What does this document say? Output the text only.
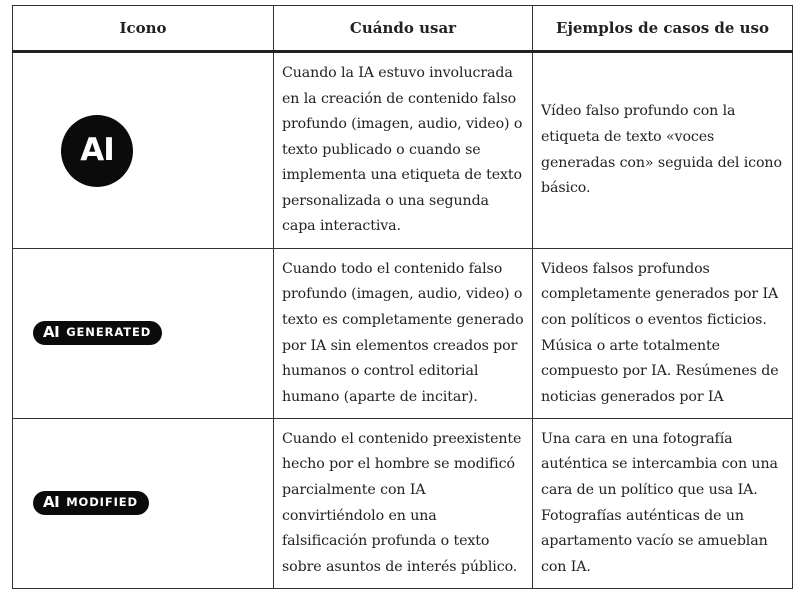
Icono	Cuándo usar	Ejemplos de casos de uso

AI	Cuando la IA estuvo involucrada en la creación de contenido falso profundo (imagen, audio, video) o texto publicado o cuando se implementa una etiqueta de texto personalizada o una segunda capa interactiva.	Vídeo falso profundo con la etiqueta de texto «voces generadas con» seguida del icono básico.

AI GENERATED	Cuando todo el contenido falso profundo (imagen, audio, video) o texto es completamente generado por IA sin elementos creados por humanos o control editorial humano (aparte de incitar).	Videos falsos profundos completamente generados por IA con políticos o eventos ficticios. Música o arte totalmente compuesto por IA. Resúmenes de noticias generados por IA

AI MODIFIED	Cuando el contenido preexistente hecho por el hombre se modificó parcialmente con IA convirtiéndolo en una falsificación profunda o texto sobre asuntos de interés público.	Una cara en una fotografía auténtica se intercambia con una cara de un político que usa IA. Fotografías auténticas de un apartamento vacío se amueblan con IA.
